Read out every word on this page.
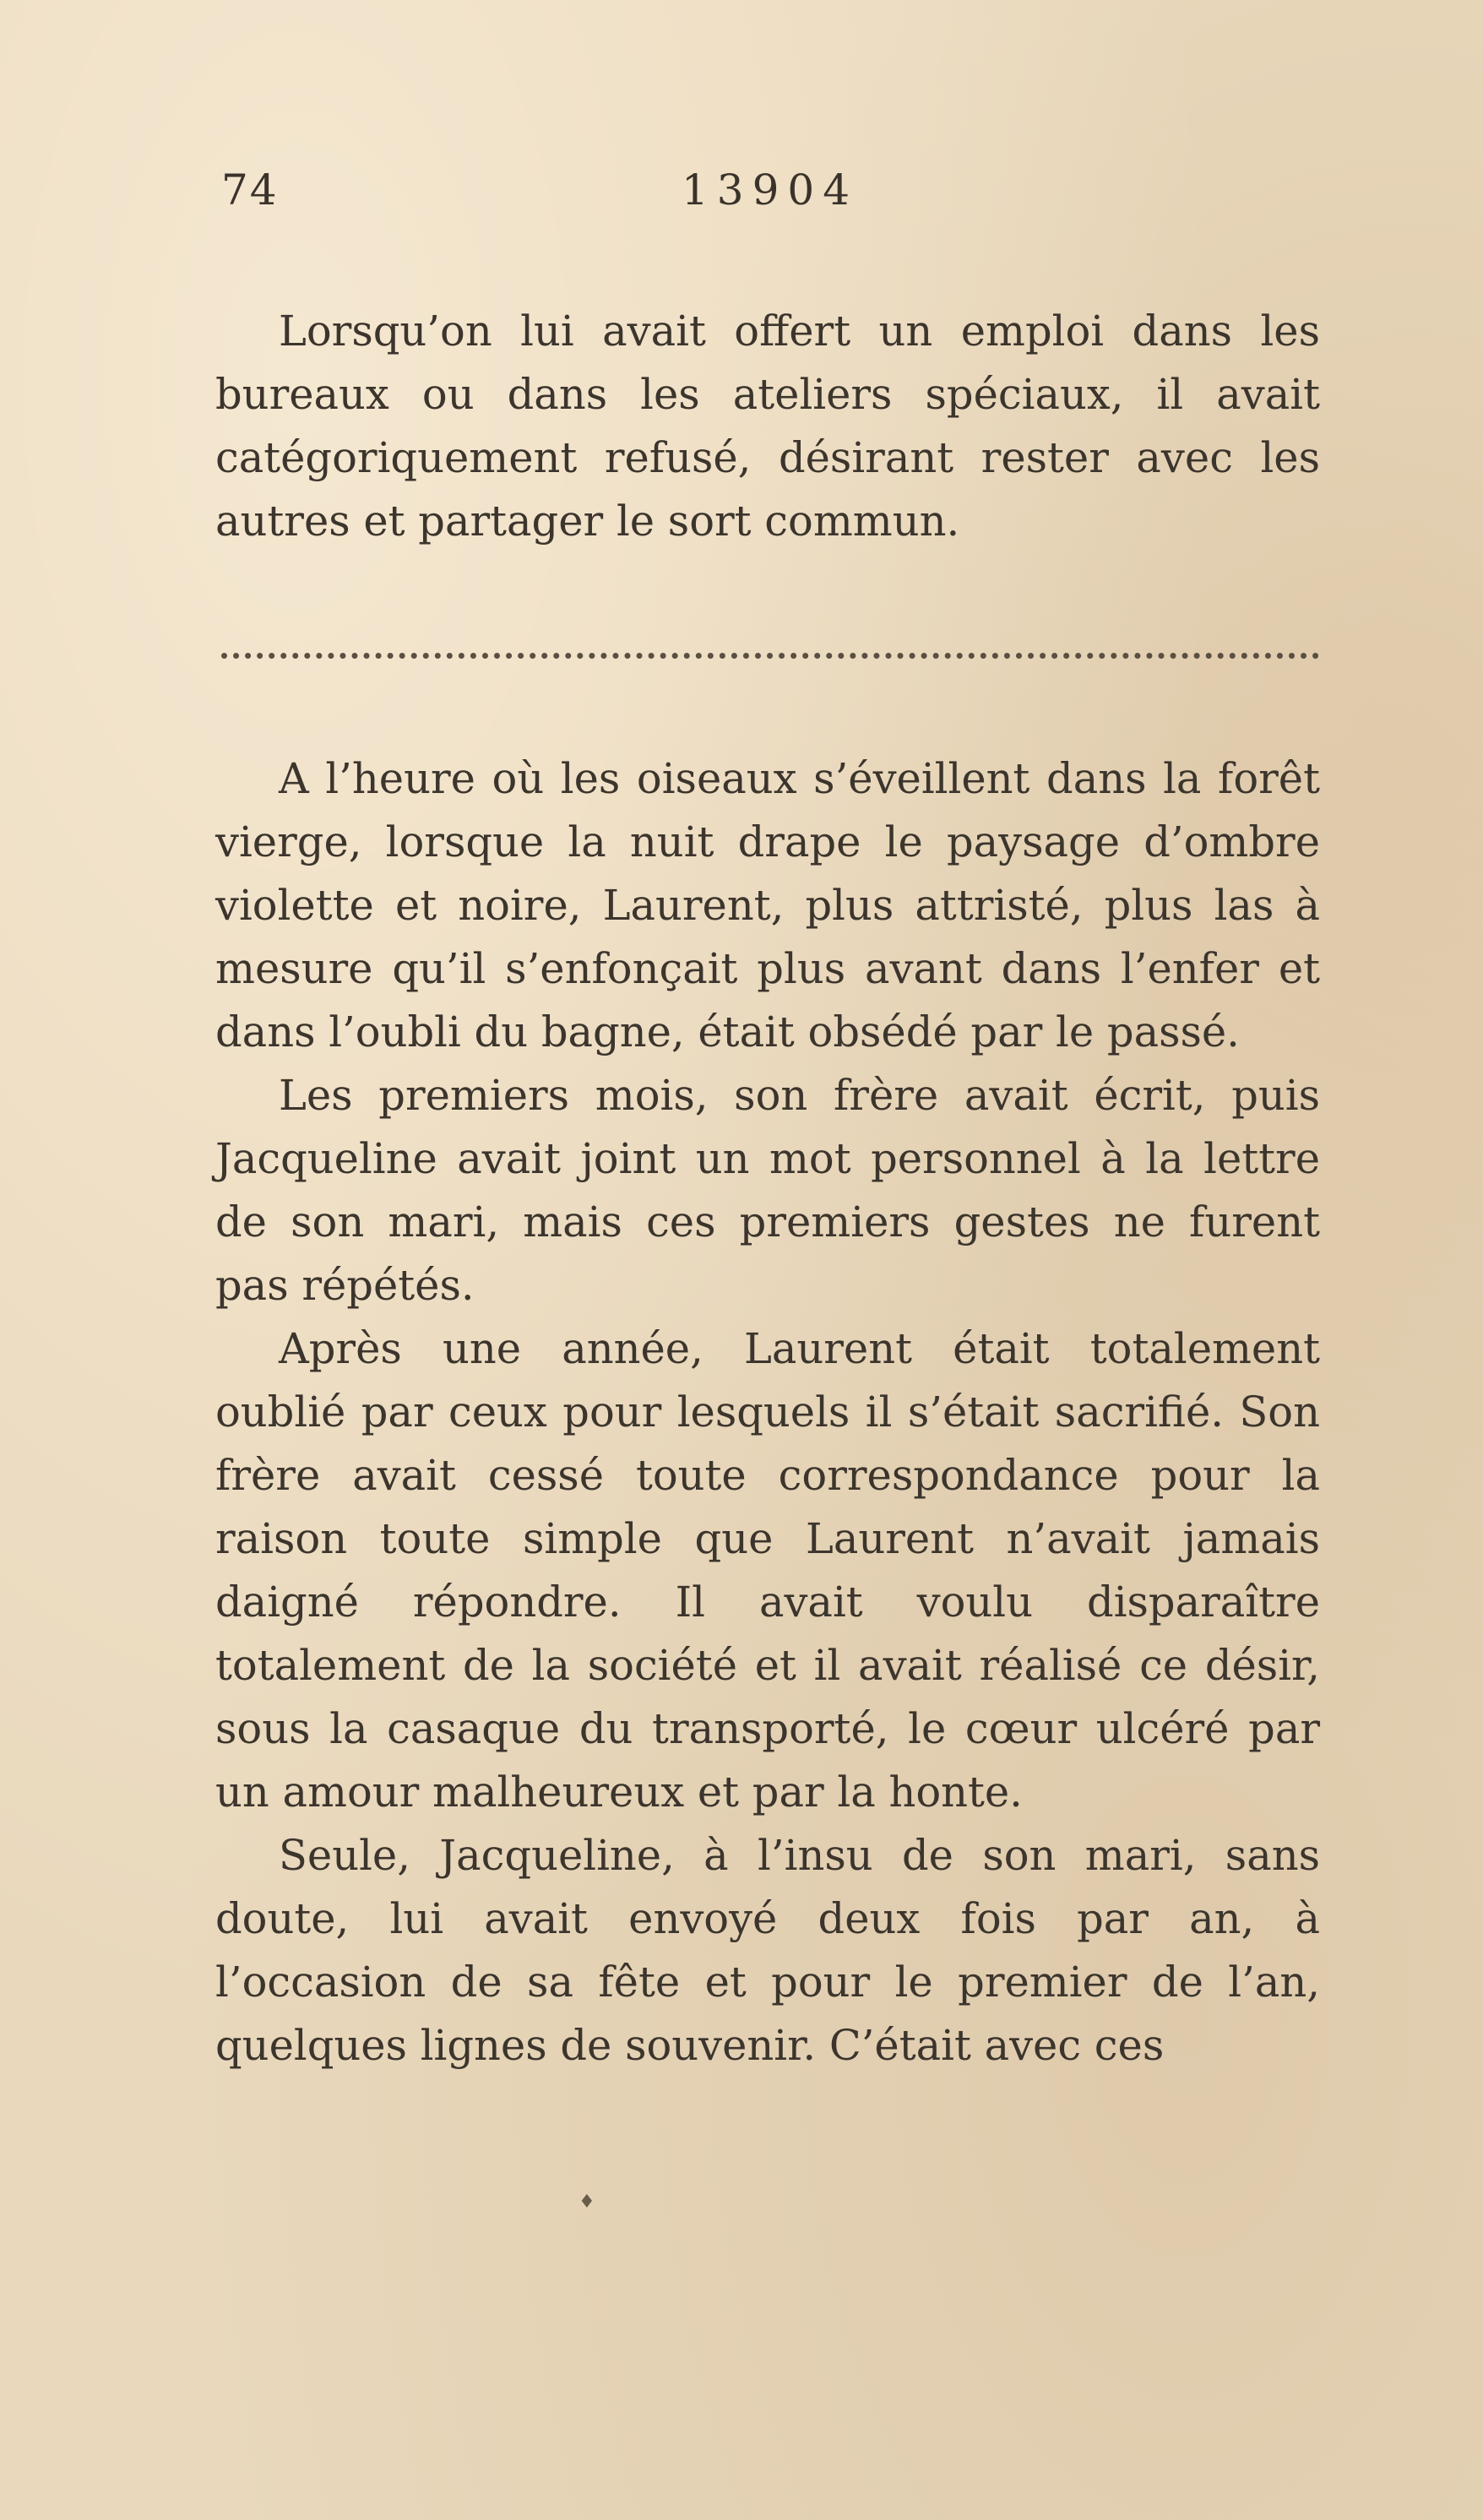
74	13904

Lorsqu’on lui avait offert un emploi dans les bureaux ou dans les ateliers spéciaux, il avait catégoriquement refusé, désirant rester avec les autres et partager le sort commun.

A l’heure où les oiseaux s’éveillent dans la forêt vierge, lorsque la nuit drape le paysage d’ombre violette et noire, Laurent, plus attristé, plus las à mesure qu’il s’enfonçait plus avant dans l’enfer et dans l’oubli du bagne, était obsédé par le passé.

Les premiers mois, son frère avait écrit, puis Jacqueline avait joint un mot personnel à la lettre de son mari, mais ces premiers gestes ne furent pas répétés.

Après une année, Laurent était totalement oublié par ceux pour lesquels il s’était sacrifié. Son frère avait cessé toute correspondance pour la raison toute simple que Laurent n’avait jamais daigné répondre. Il avait voulu disparaître totalement de la société et il avait réalisé ce désir, sous la casaque du transporté, le cœur ulcéré par un amour malheureux et par la honte.

Seule, Jacqueline, à l’insu de son mari, sans doute, lui avait envoyé deux fois par an, à l’occasion de sa fête et pour le premier de l’an, quelques lignes de souvenir. C’était avec ces

♦
